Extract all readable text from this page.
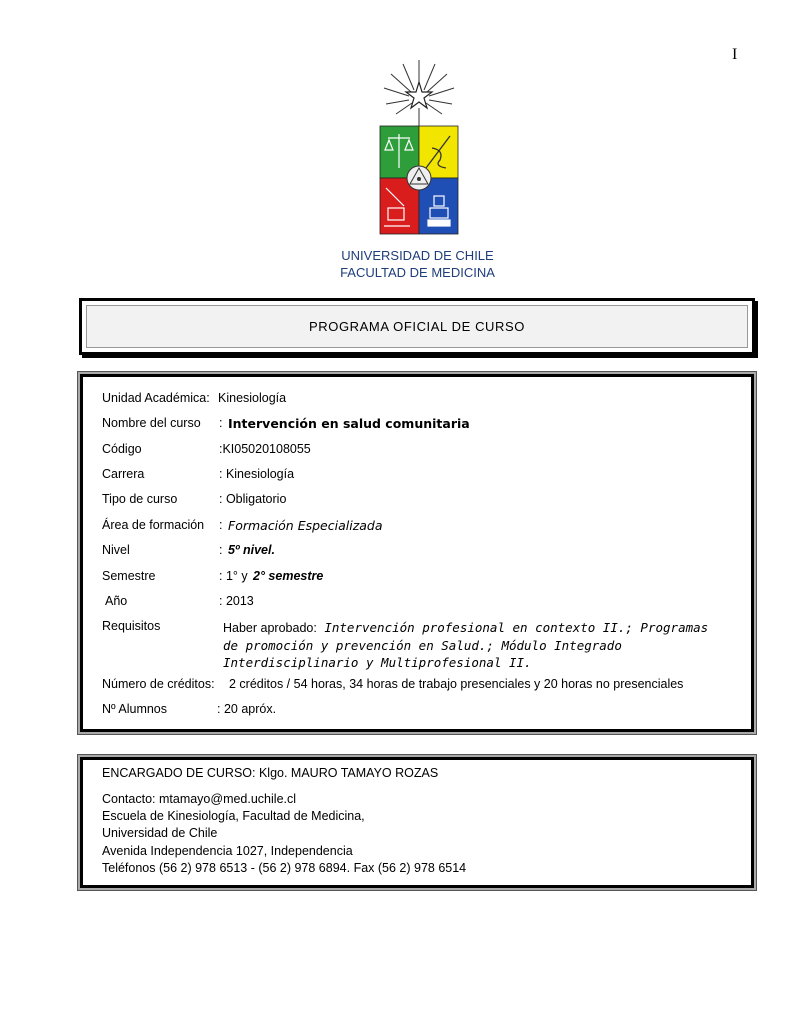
I
UNIVERSIDAD DE CHILE
FACULTAD DE MEDICINA
PROGRAMA OFICIAL DE CURSO
Unidad Académica: Kinesiología
Nombre del curso : Intervención en salud comunitaria
Código	:KI05020108055
Carrera	: Kinesiología
Tipo de curso	: Obligatorio
Área de formación : Formación Especializada
Nivel	: 5º nivel.
Semestre	: 1° y 2° semestre
Año	: 2013
Requisitos	Haber aprobado: Intervención profesional en contexto II.; Programas de promoción y prevención en Salud.; Módulo Integrado Interdisciplinario y Multiprofesional II.
Número de créditos: 2 créditos / 54 horas, 34 horas de trabajo presenciales y 20 horas no presenciales
Nº Alumnos	: 20 apróx.
ENCARGADO DE CURSO: Klgo. MAURO TAMAYO ROZAS
Contacto: mtamayo@med.uchile.cl
Escuela de Kinesiología, Facultad de Medicina,
Universidad de Chile
Avenida Independencia 1027, Independencia
Teléfonos (56 2) 978 6513 - (56 2) 978 6894. Fax (56 2) 978 6514
